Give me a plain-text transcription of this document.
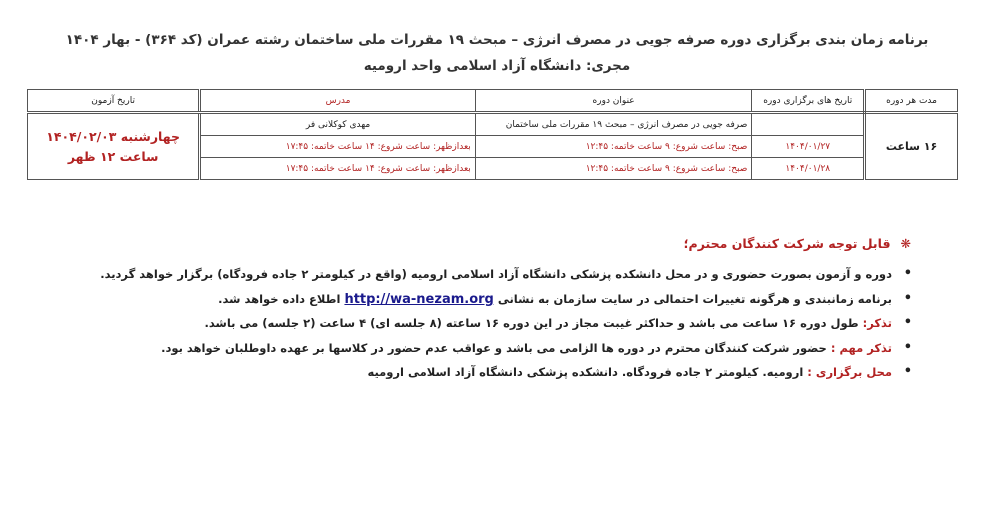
برنامه زمان بندی برگزاری دوره صرفه جویی در مصرف انرژی – مبحث ۱۹ مقررات ملی ساختمان رشته عمران (کد ۳۶۴) - بهار ۱۴۰۴
مجری: دانشگاه آزاد اسلامی واحد ارومیه
مدت هر دوره	تاریخ های برگزاری دوره	عنوان دوره	مدرس	تاریخ آزمون
۱۶ ساعت		صرفه جویی در مصرف انرژی – مبحث ۱۹ مقررات ملی ساختمان	مهدی کوکلانی فر	چهارشنبه ۱۴۰۴/۰۲/۰۳
ساعت ۱۲ ظهر

	۱۴۰۴/۰۱/۲۷	صبح: ساعت شروع: ۹ ساعت خاتمه: ۱۲:۴۵	بعدازظهر: ساعت شروع: ۱۴ ساعت خاتمه: ۱۷:۴۵	
	۱۴۰۴/۰۱/۲۸	صبح: ساعت شروع: ۹ ساعت خاتمه: ۱۲:۴۵	بعدازظهر: ساعت شروع: ۱۴ ساعت خاتمه: ۱۷:۴۵	
❋قابل توجه شرکت کنندگان محترم؛
•
دوره و آزمون بصورت حضوری و در محل دانشکده پزشکی دانشگاه آزاد اسلامی ارومیه (واقع در کیلومتر ۲ جاده فرودگاه) برگزار خواهد گردید.
•
برنامه زمانبندی و هرگونه تغییرات احتمالی در سایت سازمان به نشانی http://wa-nezam.org اطلاع داده خواهد شد.
•
تذکر: طول دوره ۱۶ ساعت می باشد و حداکثر غیبت مجاز در این دوره ۱۶ ساعته (۸ جلسه ای) ۴ ساعت (۲ جلسه) می باشد.
•
تذکر مهم : حضور شرکت کنندگان محترم در دوره ها الزامی می باشد و عواقب عدم حضور در کلاسها بر عهده داوطلبان خواهد بود.
•
محل برگزاری : ارومیه. کیلومتر ۲ جاده فرودگاه. دانشکده پزشکی دانشگاه آزاد اسلامی ارومیه
